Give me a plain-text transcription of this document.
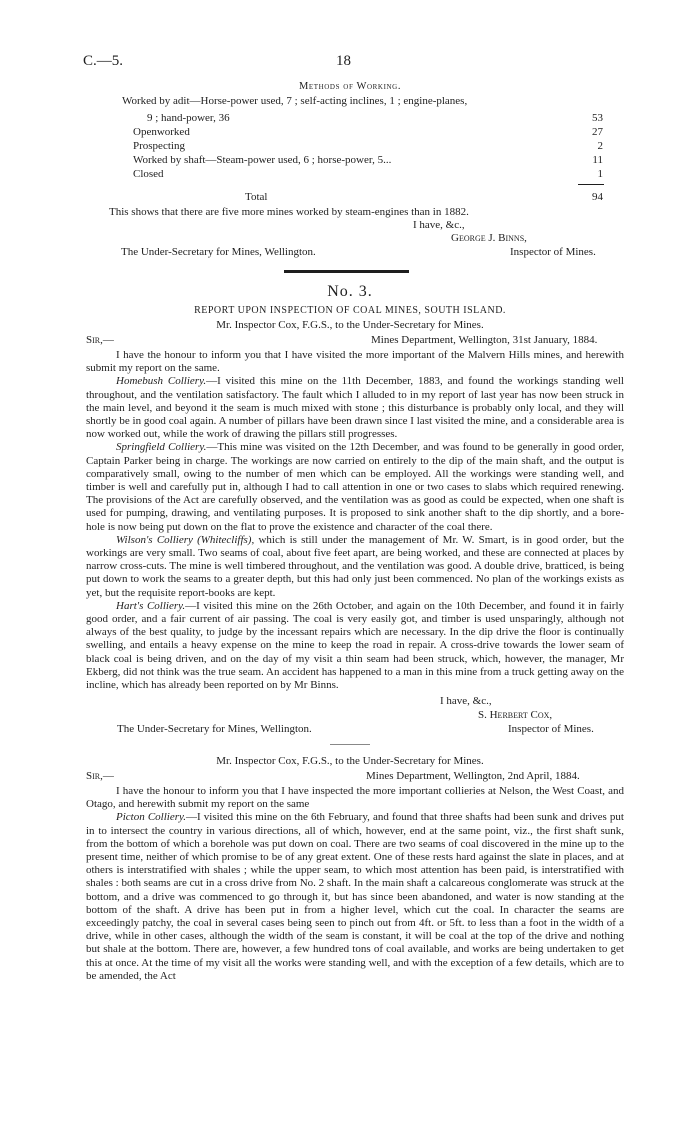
C.—5.	18
Methods of Working.
Worked by adit—Horse-power used, 7 ; self-acting inclines, 1 ; engine-planes,
9 ; hand-power, 36	53
Openworked	27
Prospecting	2
Worked by shaft—Steam-power used, 6 ; horse-power, 5...	11
Closed	1
Total	94
This shows that there are five more mines worked by steam-engines than in 1882.
I have, &c.,
George J. Binns,
The Under-Secretary for Mines, Wellington.	Inspector of Mines.
No. 3.
REPORT UPON INSPECTION OF COAL MINES, SOUTH ISLAND.
Mr. Inspector Cox, F.G.S., to the Under-Secretary for Mines.
Sir,—	Mines Department, Wellington, 31st January, 1884.

I have the honour to inform you that I have visited the more important of the Malvern Hills mines, and herewith submit my report on the same.

Homebush Colliery.—I visited this mine on the 11th December, 1883, and found the workings standing well throughout, and the ventilation satisfactory. The fault which I alluded to in my report of last year has now been struck in the main level, and beyond it the seam is much mixed with stone ; this disturbance is probably only local, and they will shortly be in good coal again. A number of pillars have been drawn since I last visited the mine, and a considerable area is now worked out, while the work of drawing the pillars still progresses.

Springfield Colliery.—This mine was visited on the 12th December, and was found to be generally in good order, Captain Parker being in charge. The workings are now carried on entirely to the dip of the main shaft, and the output is comparatively small, owing to the number of men which can be employed. All the workings were standing well, and timber is well and carefully put in, although I had to call attention in one or two cases to slabs which required renewing. The provisions of the Act are carefully observed, and the ventilation was as good as could be expected, when one shaft is used for pumping, drawing, and ventilating purposes. It is proposed to sink another shaft to the dip shortly, and a bore-hole is now being put down on the flat to prove the existence and character of the coal there.

Wilson's Colliery (Whitecliffs), which is still under the management of Mr. W. Smart, is in good order, but the workings are very small. Two seams of coal, about five feet apart, are being worked, and these are connected at places by narrow cross-cuts. The mine is well timbered throughout, and the ventilation was good. A double drive, bratticed, is being put down to work the seams to a greater depth, but this had only just been commenced. No plan of the workings exists as yet, but the requisite report-books are kept.

Hart's Colliery.—I visited this mine on the 26th October, and again on the 10th December, and found it in fairly good order, and a fair current of air passing. The coal is very easily got, and timber is used unsparingly, although not always of the best quality, to judge by the incessant repairs which are necessary. In the dip drive the floor is continually swelling, and entails a heavy expense on the mine to keep the road in repair. A cross-drive towards the lower seam of black coal is being driven, and on the day of my visit a thin seam had been struck, which, however, the manager, Mr Ekberg, did not think was the true seam. An accident has happened to a man in this mine from a truck getting away on the incline, which has already been reported on by Mr Binns.

I have, &c.,
S. Herbert Cox,
The Under-Secretary for Mines, Wellington.	Inspector of Mines.
Mr. Inspector Cox, F.G.S., to the Under-Secretary for Mines.
Sir,—	Mines Department, Wellington, 2nd April, 1884.

I have the honour to inform you that I have inspected the more important collieries at Nelson, the West Coast, and Otago, and herewith submit my report on the same

Picton Colliery.—I visited this mine on the 6th February, and found that three shafts had been sunk and drives put in to intersect the country in various directions, all of which, however, end at the same point, viz., the first shaft sunk, from the bottom of which a borehole was put down on coal. There are two seams of coal discovered in the mine up to the present time, neither of which promise to be of any great extent. One of these rests hard against the slate in places, and at others is interstratified with shales ; while the upper seam, to which most attention has been paid, is interstratified with shales : both seams are cut in a cross drive from No. 2 shaft. In the main shaft a calcareous conglomerate was struck at the bottom, and a drive was commenced to go through it, but has since been abandoned, and water is now standing at the bottom of the shaft. A drive has been put in from a higher level, which cut the coal. In character the seams are exceedingly patchy, the coal in several cases being seen to pinch out from 4ft. or 5ft. to less than a foot in the width of a drive, while in other cases, although the width of the seam is constant, it will be coal at the top of the drive and nothing but shale at the bottom. There are, however, a few hundred tons of coal available, and works are being undertaken to get this at once. At the time of my visit all the works were standing well, and with the exception of a few details, which are to be amended, the Act
